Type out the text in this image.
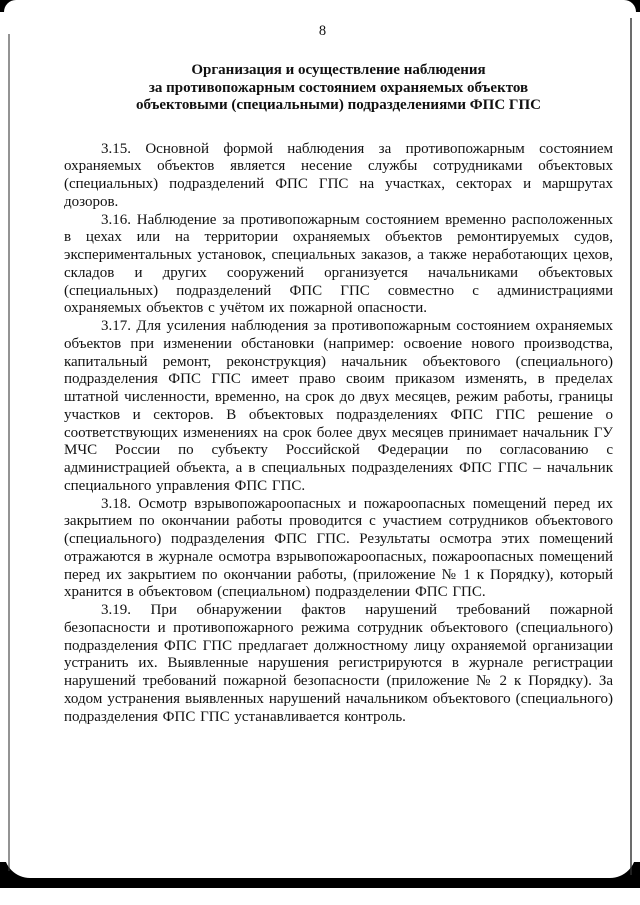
8
Организация и осуществление наблюдения
за противопожарным состоянием охраняемых объектов
объектовыми (специальными) подразделениями ФПС ГПС

3.15. Основной формой наблюдения за противопожарным состоянием охраняемых объектов является несение службы сотрудниками объектовых (специальных) подразделений ФПС ГПС на участках, секторах и маршрутах дозоров.

3.16. Наблюдение за противопожарным состоянием временно расположенных в цехах или на территории охраняемых объектов ремонтируемых судов, экспериментальных установок, специальных заказов, а также неработающих цехов, складов и других сооружений организуется начальниками объектовых (специальных) подразделений ФПС ГПС совместно с администрациями охраняемых объектов с учётом их пожарной опасности.

3.17. Для усиления наблюдения за противопожарным состоянием охраняемых объектов при изменении обстановки (например: освоение нового производства, капитальный ремонт, реконструкция) начальник объектового (специального) подразделения ФПС ГПС имеет право своим приказом изменять, в пределах штатной численности, временно, на срок до двух месяцев, режим работы, границы участков и секторов. В объектовых подразделениях ФПС ГПС решение о соответствующих изменениях на срок более двух месяцев принимает начальник ГУ МЧС России по субъекту Российской Федерации по согласованию с администрацией объекта, а в специальных подразделениях ФПС ГПС – начальник специального управления ФПС ГПС.

3.18. Осмотр взрывопожароопасных и пожароопасных помещений перед их закрытием по окончании работы проводится с участием сотрудников объектового (специального) подразделения ФПС ГПС. Результаты осмотра этих помещений отражаются в журнале осмотра взрывопожароопасных, пожароопасных помещений перед их закрытием по окончании работы, (приложение № 1 к Порядку), который хранится в объектовом (специальном) подразделении ФПС ГПС.

3.19. При обнаружении фактов нарушений требований пожарной безопасности и противопожарного режима сотрудник объектового (специального) подразделения ФПС ГПС предлагает должностному лицу охраняемой организации устранить их. Выявленные нарушения регистрируются в журнале регистрации нарушений требований пожарной безопасности (приложение № 2 к Порядку). За ходом устранения выявленных нарушений начальником объектового (специального) подразделения ФПС ГПС устанавливается контроль.
